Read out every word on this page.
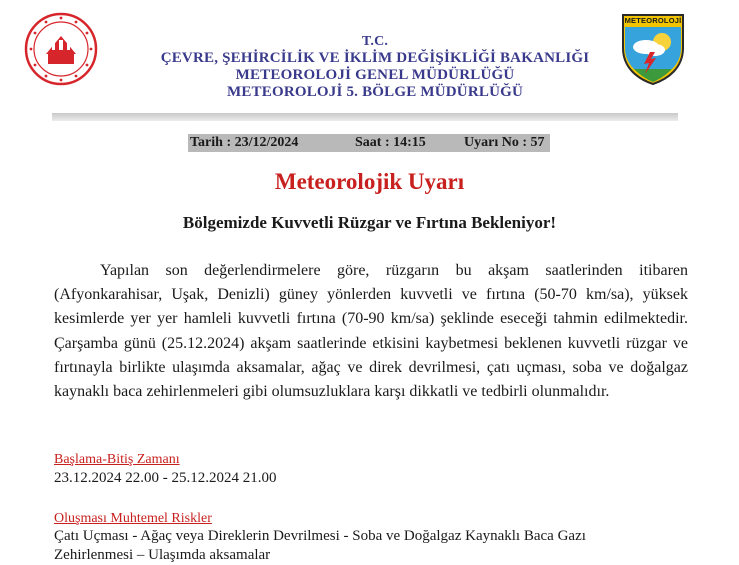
METEOROLOJİ
T.C.
ÇEVRE, ŞEHİRCİLİK VE İKLİM DEĞİŞİKLİĞİ BAKANLIĞI
METEOROLOJİ GENEL MÜDÜRLÜĞÜ
METEOROLOJİ 5. BÖLGE MÜDÜRLÜĞÜ
Tarih : 23/12/2024	Saat : 14:15	Uyarı No : 57
Meteorolojik Uyarı
Bölgemizde Kuvvetli Rüzgar ve Fırtına Bekleniyor!
Yapılan son değerlendirmelere göre, rüzgarın bu akşam saatlerinden itibaren (Afyonkarahisar, Uşak, Denizli) güney yönlerden kuvvetli ve fırtına (50-70 km/sa), yüksek kesimlerde yer yer hamleli kuvvetli fırtına (70-90 km/sa) şeklinde eseceği tahmin edilmektedir. Çarşamba günü (25.12.2024) akşam saatlerinde etkisini kaybetmesi beklenen kuvvetli rüzgar ve fırtınayla birlikte ulaşımda aksamalar, ağaç ve direk devrilmesi, çatı uçması, soba ve doğalgaz kaynaklı baca zehirlenmeleri gibi olumsuzluklara karşı dikkatli ve tedbirli olunmalıdır.
Başlama-Bitiş Zamanı
23.12.2024 22.00 - 25.12.2024 21.00
Oluşması Muhtemel Riskler
Çatı Uçması - Ağaç veya Direklerin Devrilmesi - Soba ve Doğalgaz Kaynaklı Baca Gazı Zehirlenmesi – Ulaşımda aksamalar
